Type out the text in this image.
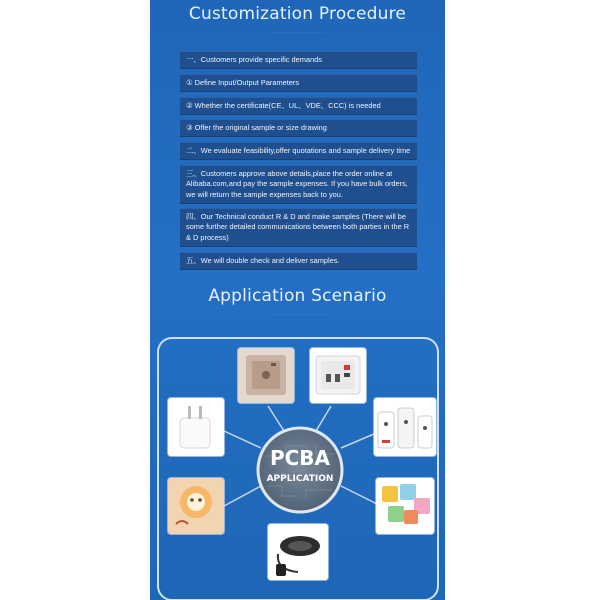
Customization Procedure
························································
一、Customers provide specific demands
① Define Input/Output Parameters
② Whether the certificate(CE、UL、VDE、CCC) is needed
③ Offer the original sample or size drawing
二、We evaluate feasibility,offer quotations and sample delivery time
三、Customers approve above details,place the order online at Alibaba.com,and pay the sample expenses. If you have bulk orders, we will return the sample expenses back to you.
四、Our Technical conduct R & D and make samples (There will be some further detailed communications between both parties in the R & D process)
五、We will double check and deliver samples.
Application Scenario
························································
PCBA
APPLICATION
